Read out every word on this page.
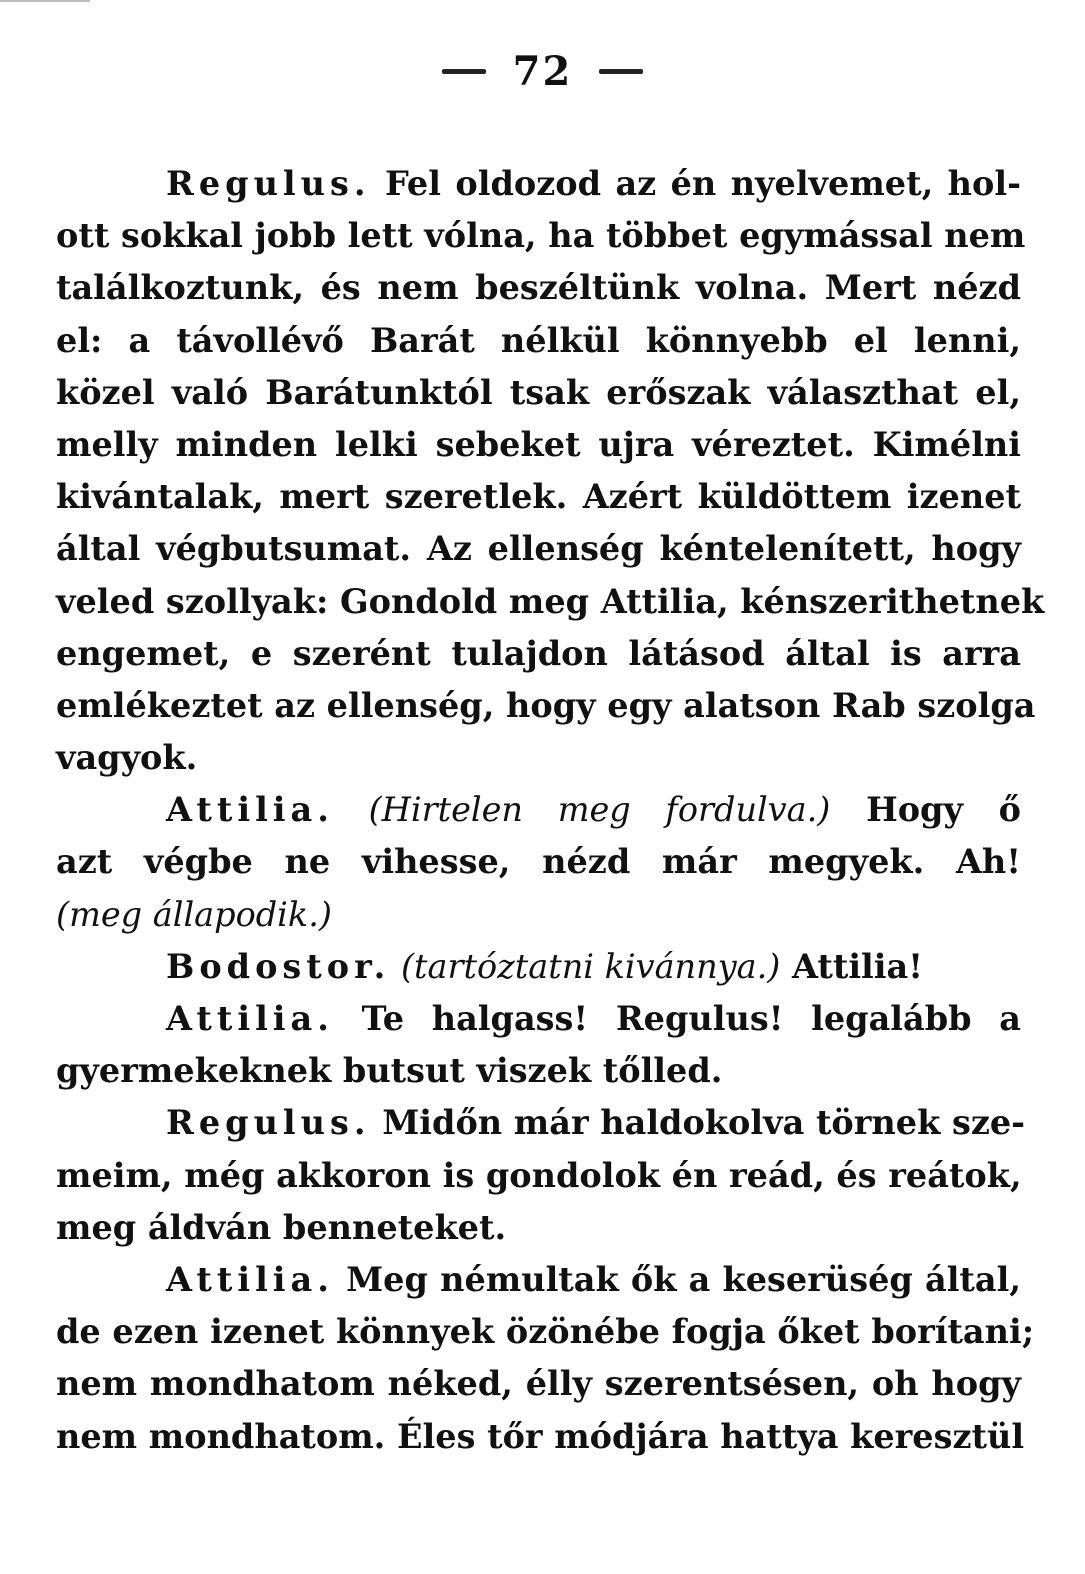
72
Regulus. Fel oldozod az én nyelvemet, hol-
ott sokkal jobb lett vólna, ha többet egymással nem
találkoztunk, és nem beszéltünk volna. Mert nézd
el: a távollévő Barát nélkül könnyebb el lenni,
közel való Barátunktól tsak erőszak választhat el,
melly minden lelki sebeket ujra véreztet. Kimélni
kivántalak, mert szeretlek. Azért küldöttem izenet
által végbutsumat. Az ellenség kéntelenített, hogy
veled szollyak: Gondold meg Attilia, kénszerithetnek
engemet, e szerént tulajdon látásod által is arra
emlékeztet az ellenség, hogy egy alatson Rab szolga
vagyok.
Attilia. (Hirtelen meg fordulva.) Hogy ő
azt végbe ne vihesse, nézd már megyek. Ah!
(meg állapodik.)
Bodostor. (tartóztatni kivánnya.) Attilia!
Attilia. Te halgass! Regulus! legalább a
gyermekeknek butsut viszek tőlled.
Regulus. Midőn már haldokolva törnek sze-
meim, még akkoron is gondolok én reád, és reátok,
meg áldván benneteket.
Attilia. Meg némultak ők a keserüség által,
de ezen izenet könnyek özönébe fogja őket borítani;
nem mondhatom néked, élly szerentsésen, oh hogy
nem mondhatom. Éles tőr módjára hattya keresztül
